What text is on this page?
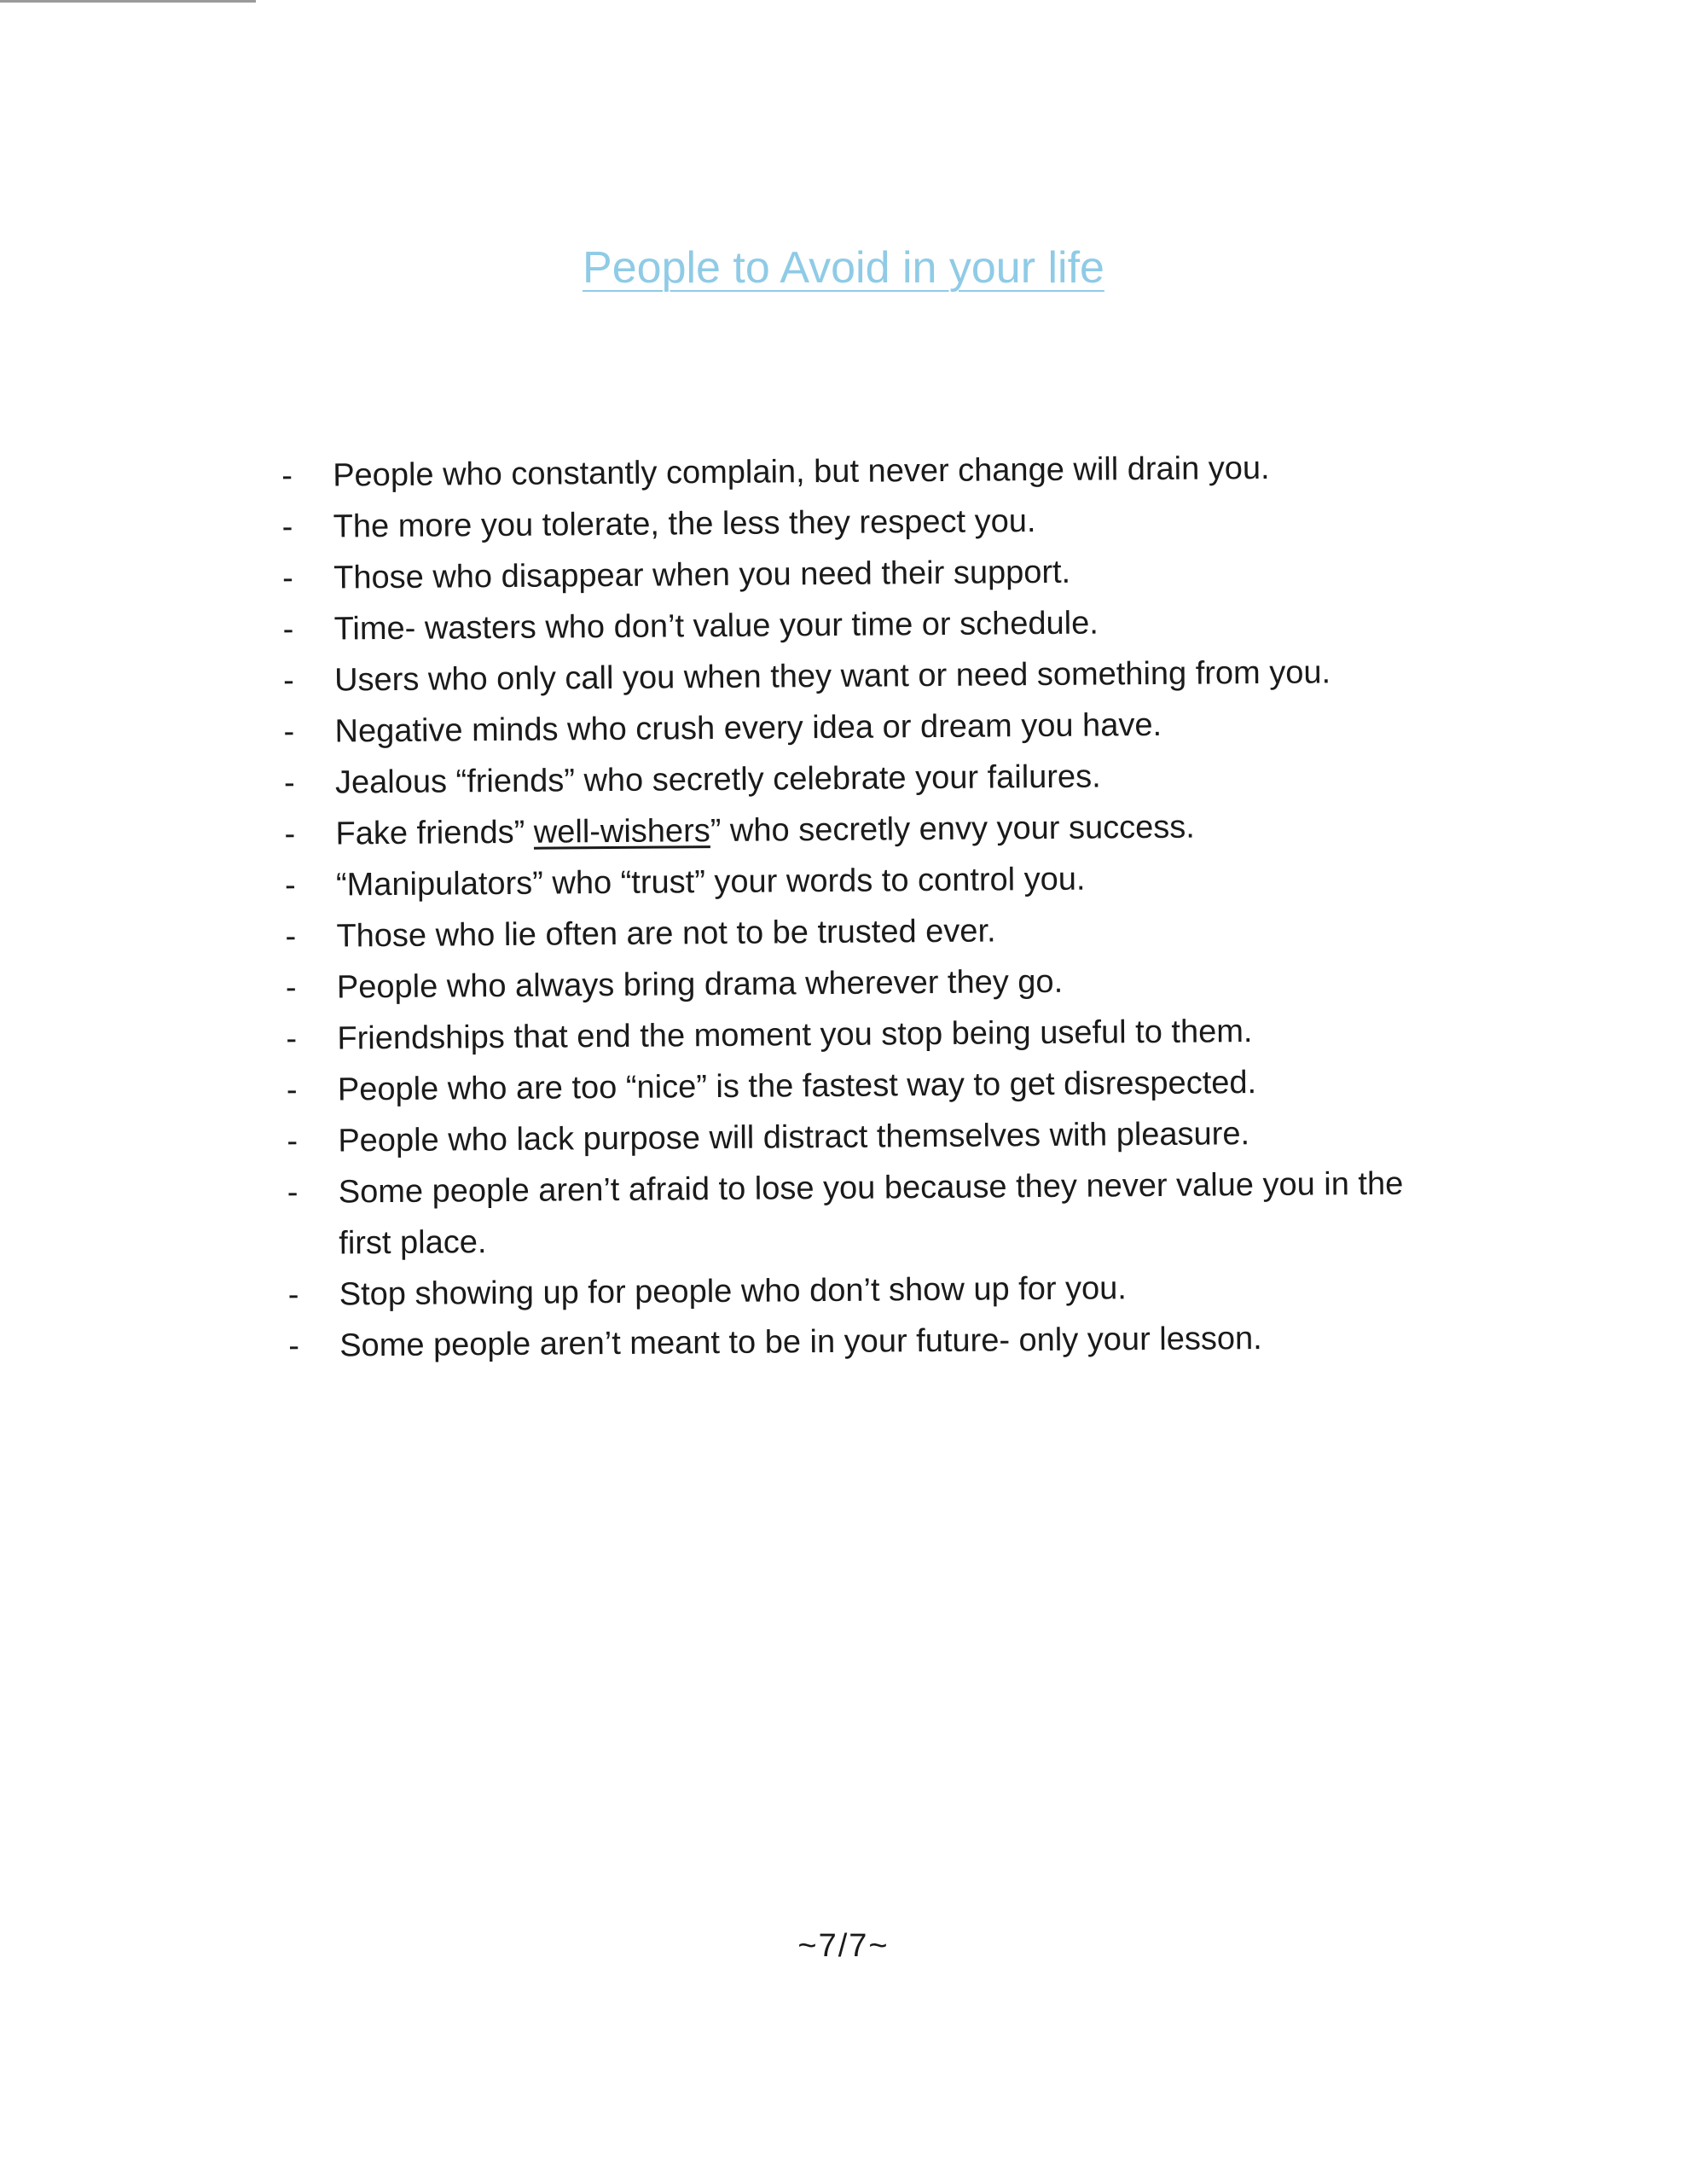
People to Avoid in your life
-	People who constantly complain, but never change will drain you.
-	The more you tolerate, the less they respect you.
-	Those who disappear when you need their support.
-	Time- wasters who don’t value your time or schedule.
-	Users who only call you when they want or need something from you.
-	Negative minds who crush every idea or dream you have.
-	Jealous “friends” who secretly celebrate your failures.
-	Fake friends” well-wishers” who secretly envy your success.
-	“Manipulators” who “trust” your words to control you.
-	Those who lie often are not to be trusted ever.
-	People who always bring drama wherever they go.
-	Friendships that end the moment you stop being useful to them.
-	People who are too “nice” is the fastest way to get disrespected.
-	People who lack purpose will distract themselves with pleasure.
-	Some people aren’t afraid to lose you because they never value you in the first place.
-	Stop showing up for people who don’t show up for you.
-	Some people aren’t meant to be in your future- only your lesson.
~7/7~
